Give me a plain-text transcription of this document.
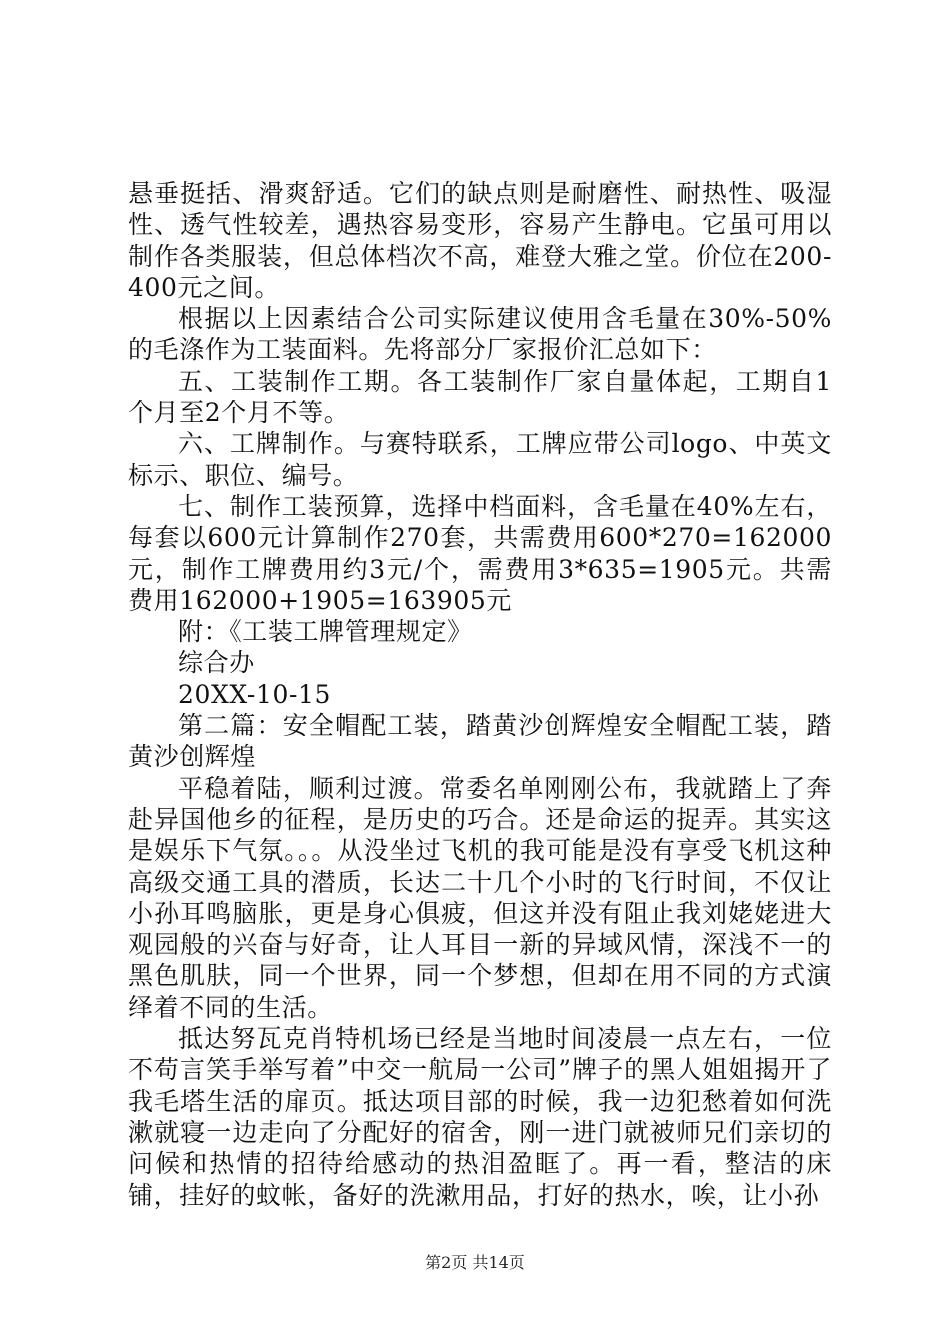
悬垂挺括、滑爽舒适。它们的缺点则是耐磨性、耐热性、吸湿性、透气性较差，遇热容易变形，容易产生静电。它虽可用以制作各类服装，但总体档次不高，难登大雅之堂。价位在200-400元之间。

根据以上因素结合公司实际建议使用含毛量在30%-50%的毛涤作为工装面料。先将部分厂家报价汇总如下：

五、工装制作工期。各工装制作厂家自量体起，工期自1个月至2个月不等。

六、工牌制作。与赛特联系，工牌应带公司logo、中英文标示、职位、编号。

七、制作工装预算，选择中档面料，含毛量在40%左右，每套以600元计算制作270套，共需费用600*270=162000元，制作工牌费用约3元/个，需费用3*635=1905元。共需费用162000+1905=163905元

附：《工装工牌管理规定》

综合办

20XX-10-15

第二篇：安全帽配工装，踏黄沙创辉煌安全帽配工装，踏黄沙创辉煌

平稳着陆，顺利过渡。常委名单刚刚公布，我就踏上了奔赴异国他乡的征程，是历史的巧合。还是命运的捉弄。其实这是娱乐下气氛。。。从没坐过飞机的我可能是没有享受飞机这种高级交通工具的潜质，长达二十几个小时的飞行时间，不仅让小孙耳鸣脑胀，更是身心俱疲，但这并没有阻止我刘姥姥进大观园般的兴奋与好奇，让人耳目一新的异域风情，深浅不一的黑色肌肤，同一个世界，同一个梦想，但却在用不同的方式演绎着不同的生活。

抵达努瓦克肖特机场已经是当地时间凌晨一点左右，一位不苟言笑手举写着”中交一航局一公司”牌子的黑人姐姐揭开了我毛塔生活的扉页。抵达项目部的时候，我一边犯愁着如何洗漱就寝一边走向了分配好的宿舍，刚一进门就被师兄们亲切的问候和热情的招待给感动的热泪盈眶了。再一看，整洁的床铺，挂好的蚊帐，备好的洗漱用品，打好的热水，唉，让小孙

第2页 共14页
